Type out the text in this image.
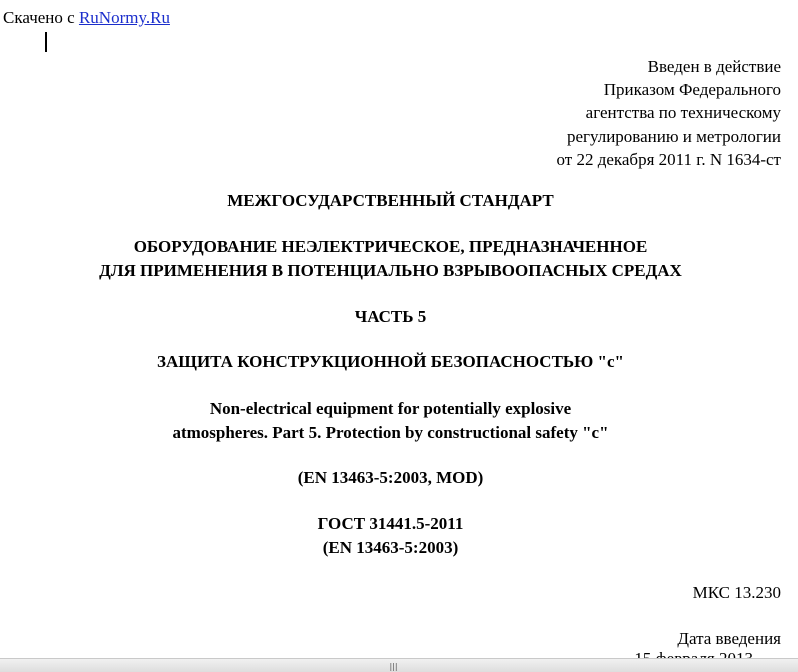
Скачено с RuNormy.Ru
Введен в действие
Приказом Федерального
агентства по техническому
регулированию и метрологии
от 22 декабря 2011 г. N 1634-ст
МЕЖГОСУДАРСТВЕННЫЙ СТАНДАРТ
ОБОРУДОВАНИЕ НЕЭЛЕКТРИЧЕСКОЕ, ПРЕДНАЗНАЧЕННОЕ
ДЛЯ ПРИМЕНЕНИЯ В ПОТЕНЦИАЛЬНО ВЗРЫВООПАСНЫХ СРЕДАХ
ЧАСТЬ 5
ЗАЩИТА КОНСТРУКЦИОННОЙ БЕЗОПАСНОСТЬЮ "c"
Non-electrical equipment for potentially explosive
atmospheres. Part 5. Protection by constructional safety "c"
(EN 13463-5:2003, MOD)
ГОСТ 31441.5-2011
(EN 13463-5:2003)
МКС 13.230
Дата введения
|||
